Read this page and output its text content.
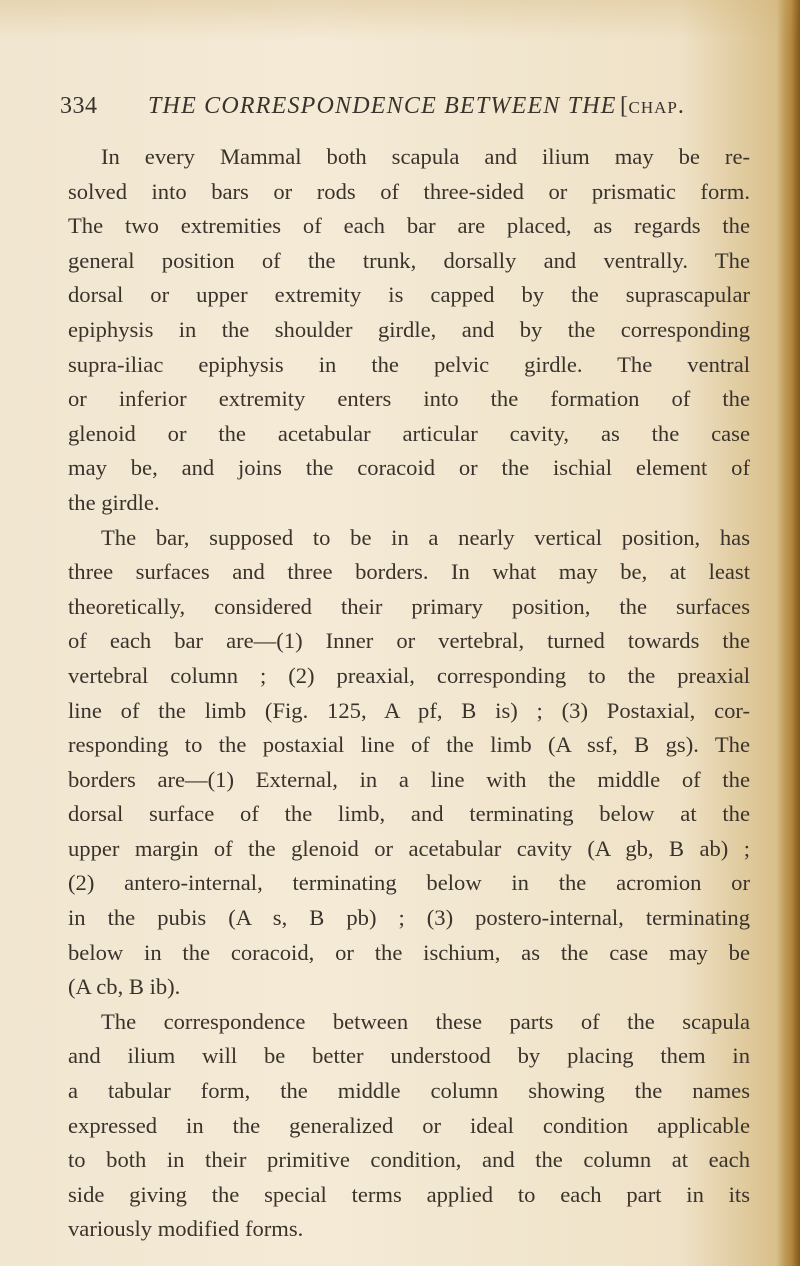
334 THE CORRESPONDENCE BETWEEN THE [chap.
In every Mammal both scapula and ilium may be re-
solved into bars or rods of three-sided or prismatic form.
The two extremities of each bar are placed, as regards the
general position of the trunk, dorsally and ventrally. The
dorsal or upper extremity is capped by the suprascapular
epiphysis in the shoulder girdle, and by the corresponding
supra-iliac epiphysis in the pelvic girdle. The ventral
or inferior extremity enters into the formation of the
glenoid or the acetabular articular cavity, as the case
may be, and joins the coracoid or the ischial element of
the girdle.
The bar, supposed to be in a nearly vertical position, has
three surfaces and three borders. In what may be, at least
theoretically, considered their primary position, the surfaces
of each bar are—(1) Inner or vertebral, turned towards the
vertebral column ; (2) preaxial, corresponding to the preaxial
line of the limb (Fig. 125, A pf, B is) ; (3) Postaxial, cor-
responding to the postaxial line of the limb (A ssf, B gs). The
borders are—(1) External, in a line with the middle of the
dorsal surface of the limb, and terminating below at the
upper margin of the glenoid or acetabular cavity (A gb, B ab) ;
(2) antero-internal, terminating below in the acromion or
in the pubis (A s, B pb) ; (3) postero-internal, terminating
below in the coracoid, or the ischium, as the case may be
(A cb, B ib).
The correspondence between these parts of the scapula
and ilium will be better understood by placing them in
a tabular form, the middle column showing the names
expressed in the generalized or ideal condition applicable
to both in their primitive condition, and the column at each
side giving the special terms applied to each part in its
variously modified forms.
